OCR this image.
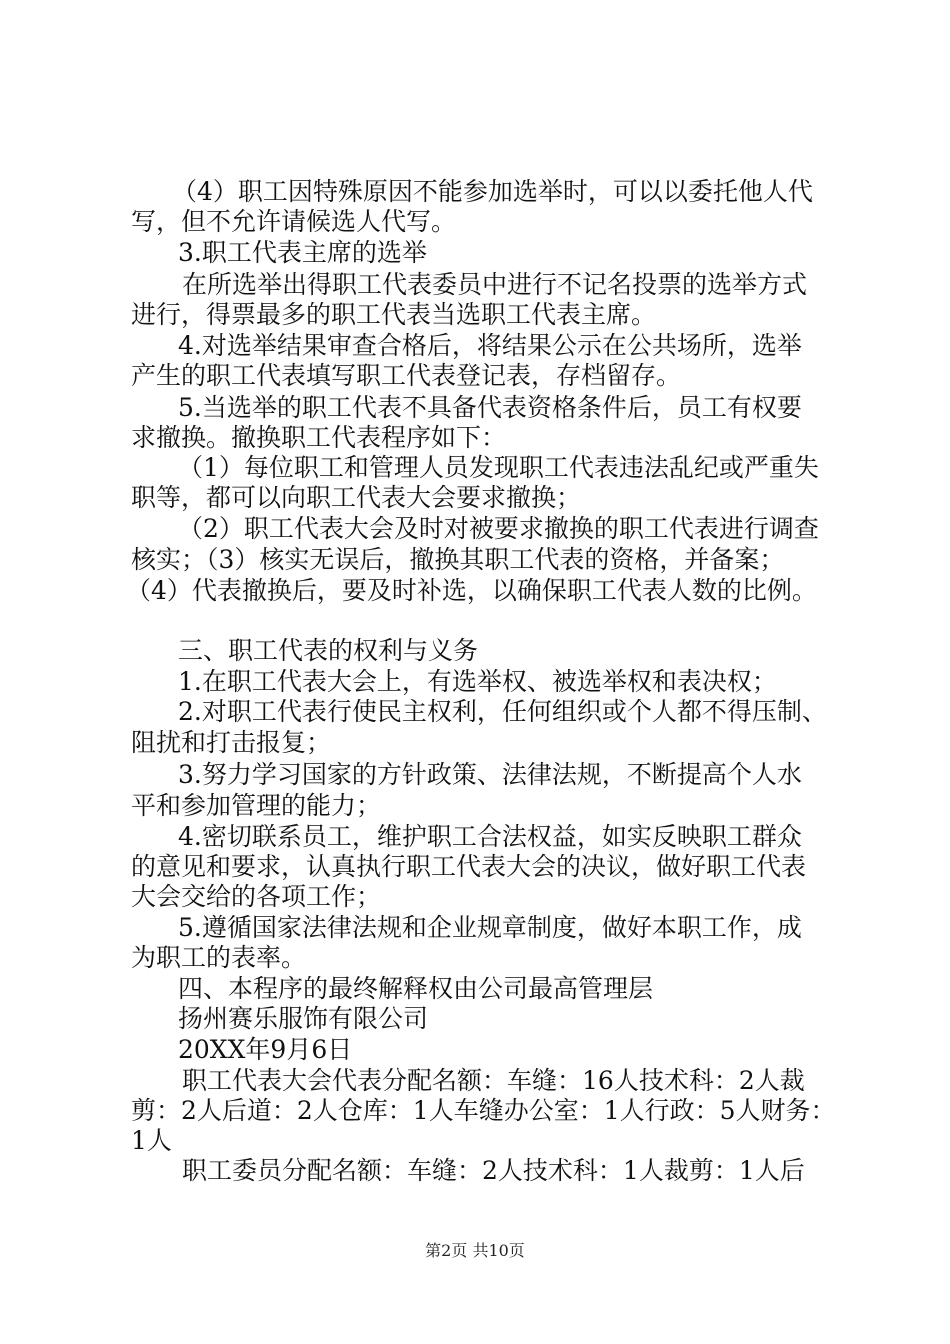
（4）职工因特殊原因不能参加选举时，可以以委托他人代
写，但不允许请候选人代写。
3.职工代表主席的选举
在所选举出得职工代表委员中进行不记名投票的选举方式
进行，得票最多的职工代表当选职工代表主席。
4.对选举结果审查合格后，将结果公示在公共场所，选举
产生的职工代表填写职工代表登记表，存档留存。
5.当选举的职工代表不具备代表资格条件后，员工有权要
求撤换。撤换职工代表程序如下：
（1）每位职工和管理人员发现职工代表违法乱纪或严重失
职等，都可以向职工代表大会要求撤换；
（2）职工代表大会及时对被要求撤换的职工代表进行调查
核实；（3）核实无误后，撤换其职工代表的资格，并备案；
（4）代表撤换后，要及时补选，以确保职工代表人数的比例。
三、职工代表的权利与义务
1.在职工代表大会上，有选举权、被选举权和表决权；
2.对职工代表行使民主权利，任何组织或个人都不得压制、
阻扰和打击报复；
3.努力学习国家的方针政策、法律法规，不断提高个人水
平和参加管理的能力；
4.密切联系员工，维护职工合法权益，如实反映职工群众
的意见和要求，认真执行职工代表大会的决议，做好职工代表
大会交给的各项工作；
5.遵循国家法律法规和企业规章制度，做好本职工作，成
为职工的表率。
四、本程序的最终解释权由公司最高管理层
扬州赛乐服饰有限公司
20XX年9月6日
职工代表大会代表分配名额：车缝：16人技术科：2人裁
剪：2人后道：2人仓库：1人车缝办公室：1人行政：5人财务：
1人
职工委员分配名额：车缝：2人技术科：1人裁剪：1人后
第2页 共10页
